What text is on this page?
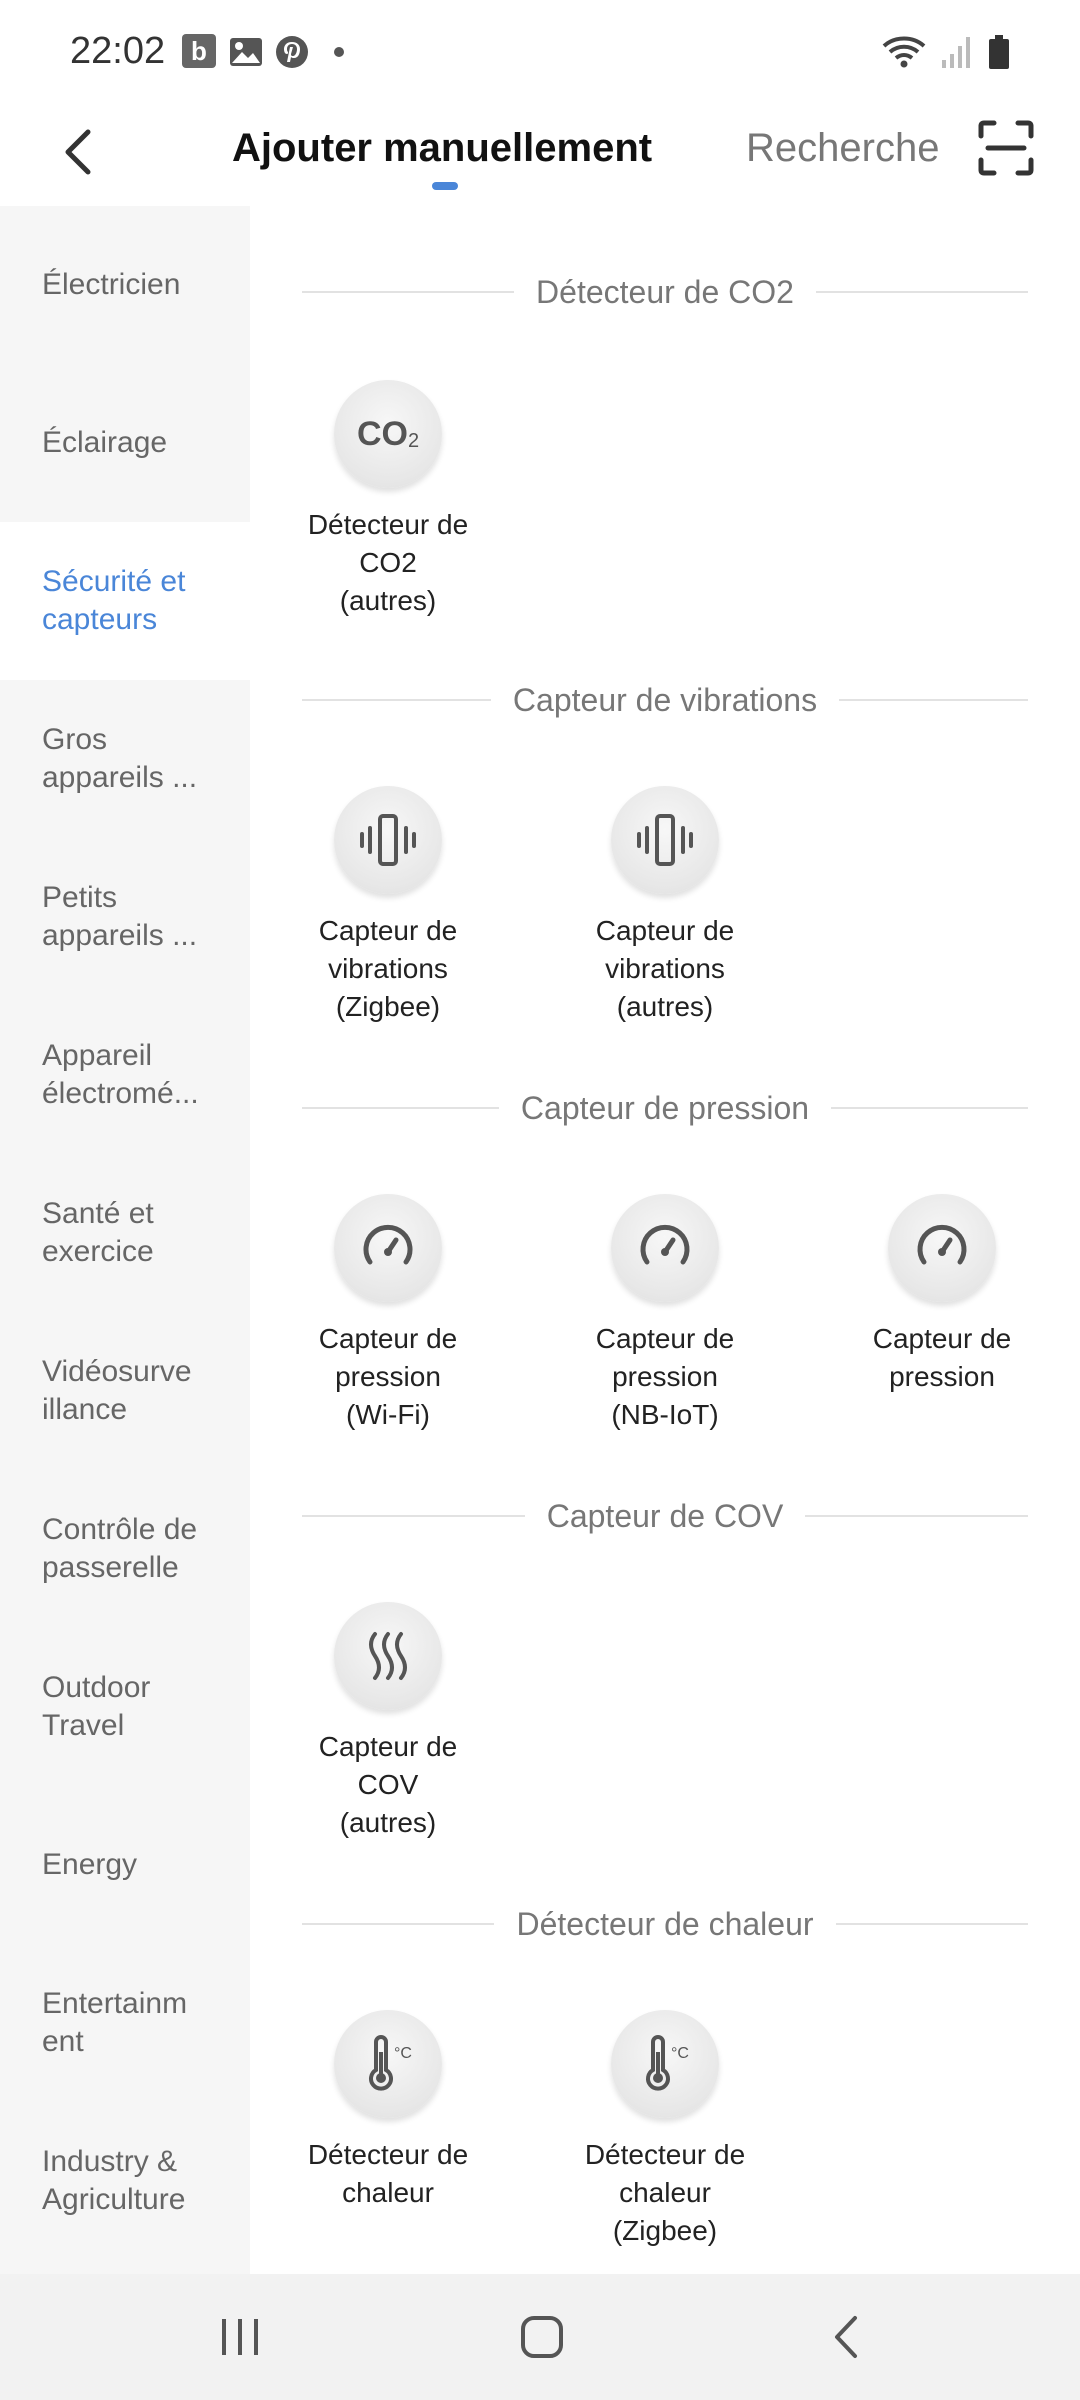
22:02 b
Ajouter manuellement Recherche
Électricien
Éclairage
Sécurité et
capteurs
Gros
appareils ...
Petits
appareils ...
Appareil
électromé...
Santé et
exercice
Vidéosurve
illance
Contrôle de
passerelle
Outdoor
Travel
Energy
Entertainm
ent
Industry &
Agriculture
Détecteur de CO2
CO 2
Détecteur de
CO2
(autres)
Capteur de vibrations
Capteur de
vibrations
(Zigbee)
Capteur de
vibrations
(autres)
Capteur de pression
Capteur de
pression
(Wi-Fi)
Capteur de
pression
(NB-IoT)
Capteur de
pression
Capteur de COV
Capteur de
COV
(autres)
Détecteur de chaleur
°C
Détecteur de
chaleur
°C
Détecteur de
chaleur
(Zigbee)
